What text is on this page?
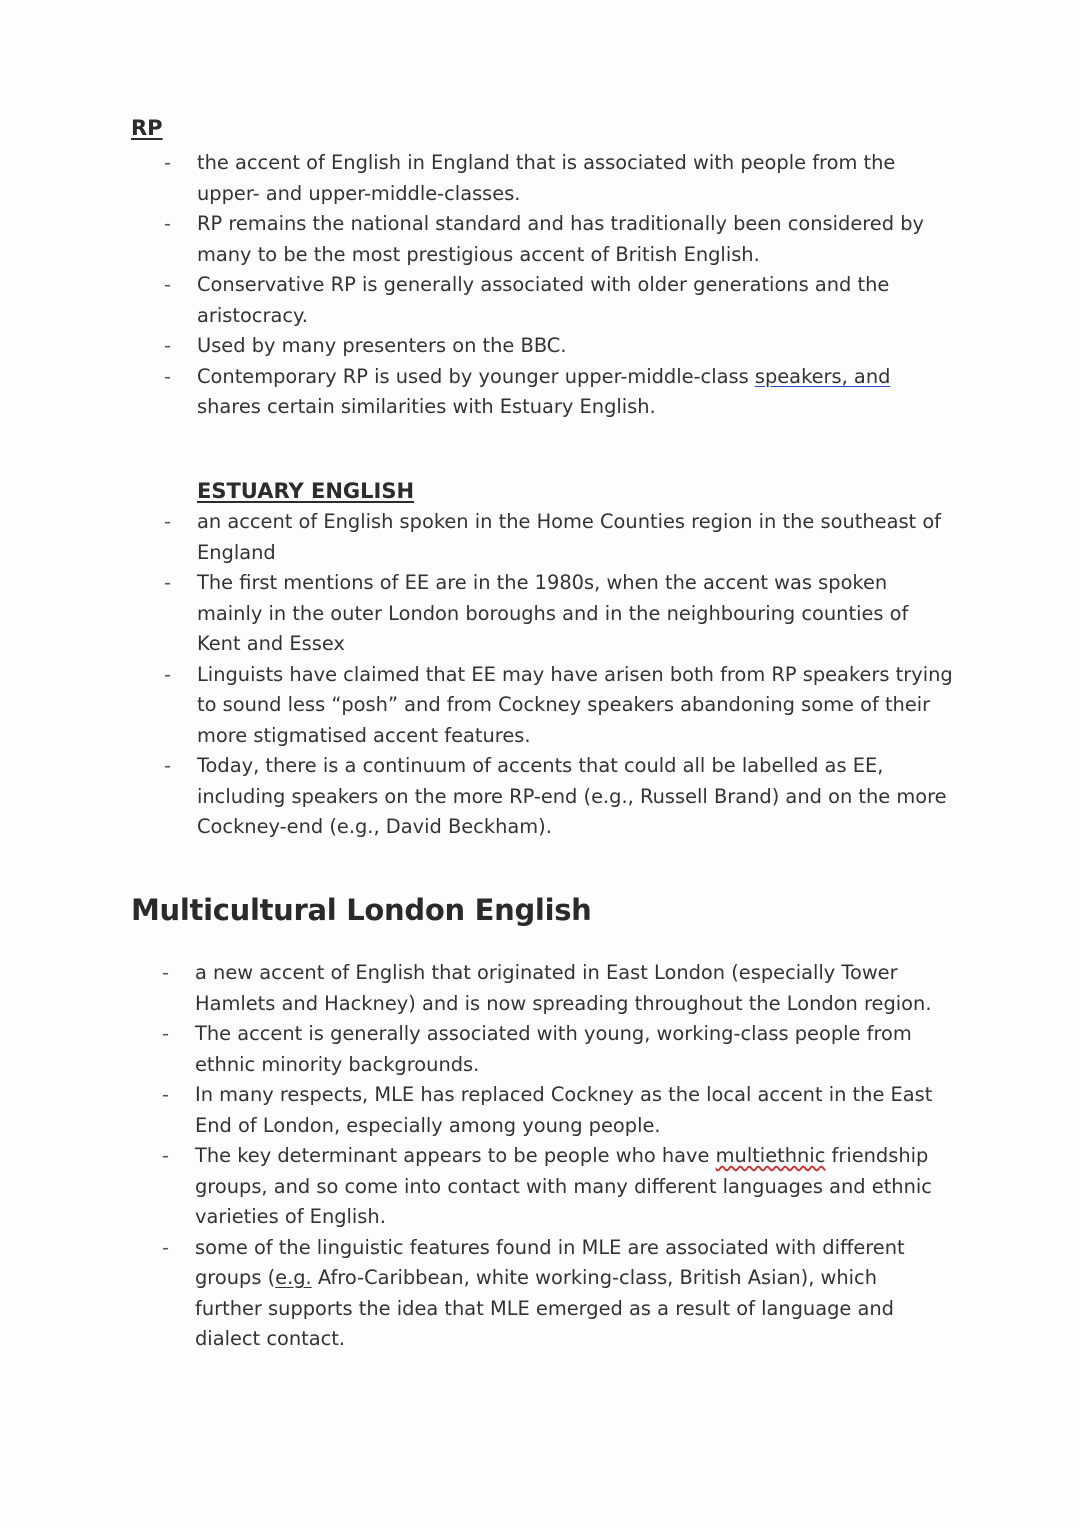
RP
- the accent of English in England that is associated with people from the upper- and upper-middle-classes.
- RP remains the national standard and has traditionally been considered by many to be the most prestigious accent of British English.
- Conservative RP is generally associated with older generations and the aristocracy.
- Used by many presenters on the BBC.
- Contemporary RP is used by younger upper-middle-class speakers, and shares certain similarities with Estuary English.
ESTUARY ENGLISH
- an accent of English spoken in the Home Counties region in the southeast of England
- The first mentions of EE are in the 1980s, when the accent was spoken mainly in the outer London boroughs and in the neighbouring counties of Kent and Essex
- Linguists have claimed that EE may have arisen both from RP speakers trying to sound less “posh” and from Cockney speakers abandoning some of their more stigmatised accent features.
- Today, there is a continuum of accents that could all be labelled as EE, including speakers on the more RP-end (e.g., Russell Brand) and on the more Cockney-end (e.g., David Beckham).
Multicultural London English
- a new accent of English that originated in East London (especially Tower Hamlets and Hackney) and is now spreading throughout the London region.
- The accent is generally associated with young, working-class people from ethnic minority backgrounds.
- In many respects, MLE has replaced Cockney as the local accent in the East End of London, especially among young people.
- The key determinant appears to be people who have multiethnic friendship groups, and so come into contact with many different languages and ethnic varieties of English.
- some of the linguistic features found in MLE are associated with different groups (e.g. Afro-Caribbean, white working-class, British Asian), which further supports the idea that MLE emerged as a result of language and dialect contact.
